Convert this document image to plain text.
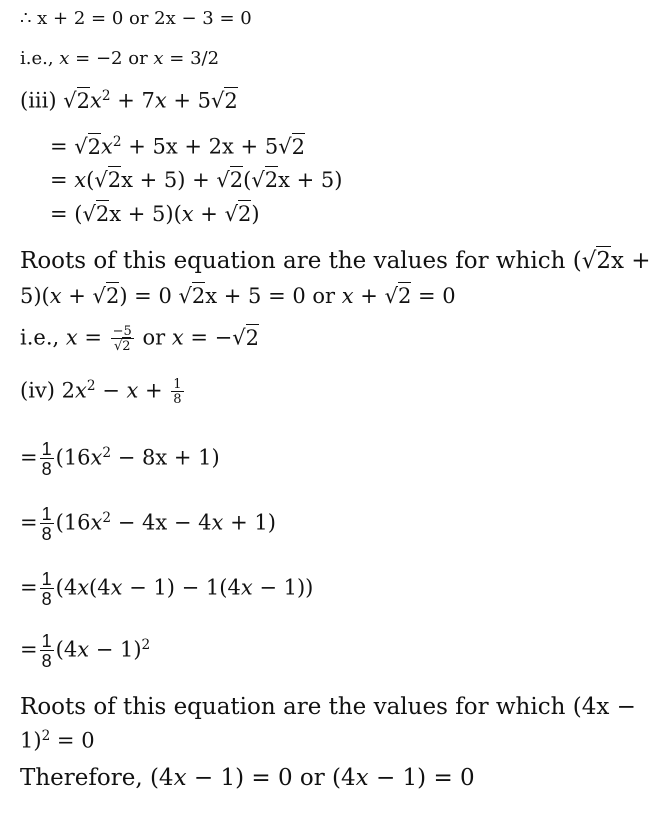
∴ x + 2 = 0 or 2x − 3 = 0
i.e., x = −2 or x = 3/2
(iii) $√2x^2 + 7x + 5√2$
= $√2x^2 + 5x + 2x + 5√2$
= x(√2x + 5) + √2(√2x + 5)
= (√2x + 5)(x + √2)
Roots of this equation are the values for which (√2x +
5)(x + √2) = 0 √2x + 5 = 0 or x + √2 = 0
i.e., $x = \frac{-5}{√2}$ or x = −√2
(iv) $2x^2 - x + \frac{1}{8}$
= $\frac{1}{8} (16x^2 - 8x + 1)$
= $\frac{1}{8} (16x^2 - 4x - 4x + 1)$
= $\frac{1}{8} (4x(4x - 1) - 1(4x - 1))$
= $\frac{1}{8} (4x - 1)^2$
Roots of this equation are the values for which (4x −
1)$^2$ = 0
Therefore, (4x − 1) = 0 or (4x − 1) = 0
